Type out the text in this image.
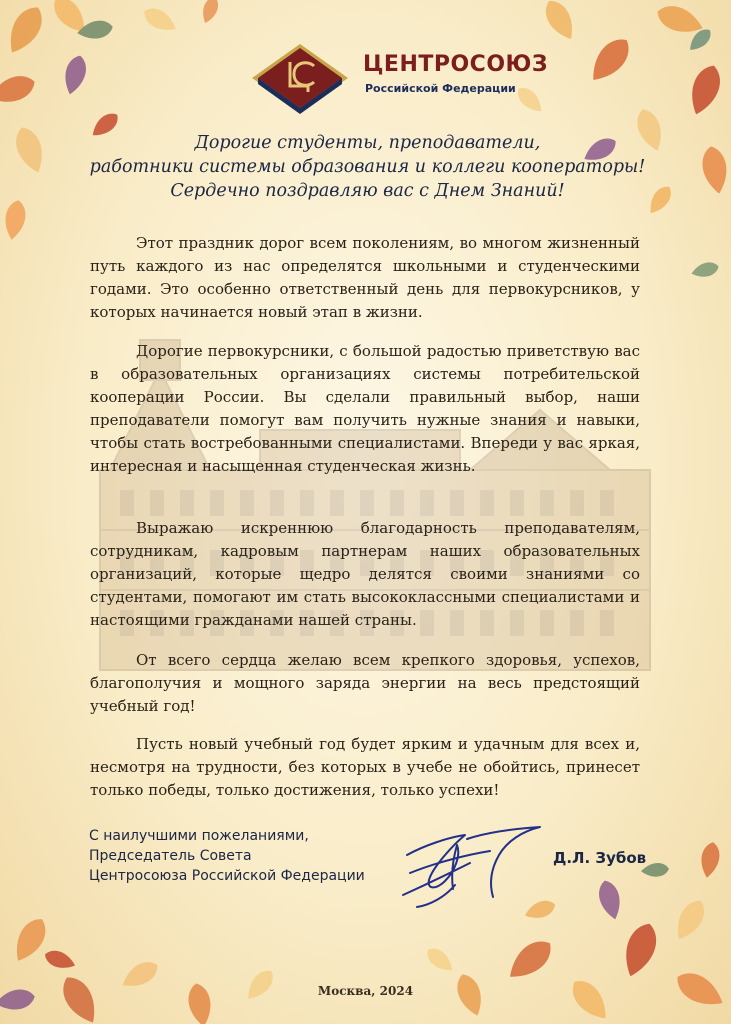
ЦЕНТРОСОЮЗ
Российской Федерации
Дорогие студенты, преподаватели,
работники системы образования и коллеги кооператоры!
Сердечно поздравляю вас с Днем Знаний!

Этот праздник дорог всем поколениям, во многом жизненный путь каждого из нас определятся школьными и студенческими годами. Это особенно ответственный день для первокурсников, у которых начинается новый этап в жизни.

Дорогие первокурсники, с большой радостью приветствую вас в образовательных организациях системы потребительской кооперации России. Вы сделали правильный выбор, наши преподаватели помогут вам получить нужные знания и навыки, чтобы стать востребованными специалистами. Впереди у вас яркая, интересная и насыщенная студенческая жизнь.

Выражаю искреннюю благодарность преподавателям, сотрудникам, кадровым партнерам наших образовательных организаций, которые щедро делятся своими знаниями со студентами, помогают им стать высококлассными специалистами и настоящими гражданами нашей страны.

От всего сердца желаю всем крепкого здоровья, успехов, благополучия и мощного заряда энергии на весь предстоящий учебный год!

Пусть новый учебный год будет ярким и удачным для всех и, несмотря на трудности, без которых в учебе не обойтись, принесет только победы, только достижения, только успехи!

С наилучшими пожеланиями,
Председатель Совета
Центросоюза Российской Федерации
Д.Л. Зубов
Москва, 2024
